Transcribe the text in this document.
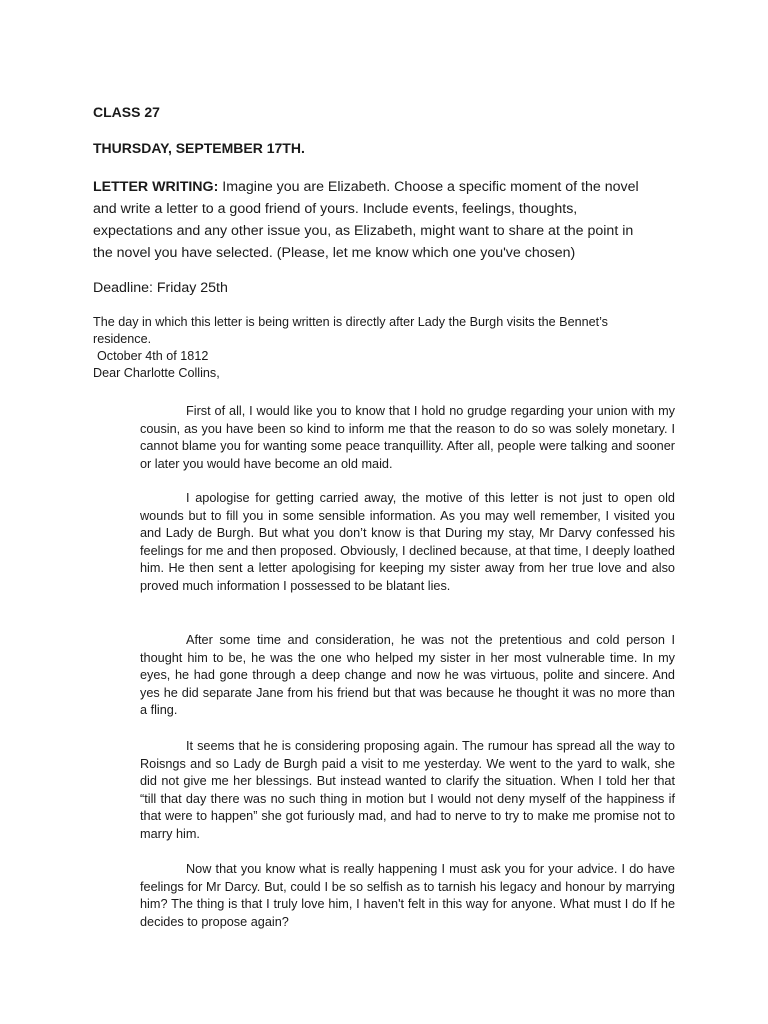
CLASS 27

THURSDAY, SEPTEMBER 17TH.

LETTER WRITING: Imagine you are Elizabeth. Choose a specific moment of the novel and write a letter to a good friend of yours. Include events, feelings, thoughts, expectations and any other issue you, as Elizabeth, might want to share at the point in the novel you have selected. (Please, let me know which one you've chosen)

Deadline: Friday 25th

The day in which this letter is being written is directly after Lady the Burgh visits the Bennet’s residence.
October 4th of 1812
Dear Charlotte Collins,

First of all, I would like you to know that I hold no grudge regarding your union with my cousin, as you have been so kind to inform me that the reason to do so was solely monetary. I cannot blame you for wanting some peace tranquillity. After all, people were talking and sooner or later you would have become an old maid.

I apologise for getting carried away, the motive of this letter is not just to open old wounds but to fill you in some sensible information. As you may well remember, I visited you and Lady de Burgh. But what you don’t know is that During my stay, Mr Darvy confessed his feelings for me and then proposed. Obviously, I declined because, at that time, I deeply loathed him. He then sent a letter apologising for keeping my sister away from her true love and also proved much information I possessed to be blatant lies.

After some time and consideration, he was not the pretentious and cold person I thought him to be, he was the one who helped my sister in her most vulnerable time. In my eyes, he had gone through a deep change and now he was virtuous, polite and sincere. And yes he did separate Jane from his friend but that was because he thought it was no more than a fling.

It seems that he is considering proposing again. The rumour has spread all the way to Roisngs and so Lady de Burgh paid a visit to me yesterday. We went to the yard to walk, she did not give me her blessings. But instead wanted to clarify the situation. When I told her that “till that day there was no such thing in motion but I would not deny myself of the happiness if that were to happen” she got furiously mad, and had to nerve to try to make me promise not to marry him.

Now that you know what is really happening I must ask you for your advice. I do have feelings for Mr Darcy. But, could I be so selfish as to tarnish his legacy and honour by marrying him? The thing is that I truly love him, I haven't felt in this way for anyone. What must I do If he decides to propose again?
